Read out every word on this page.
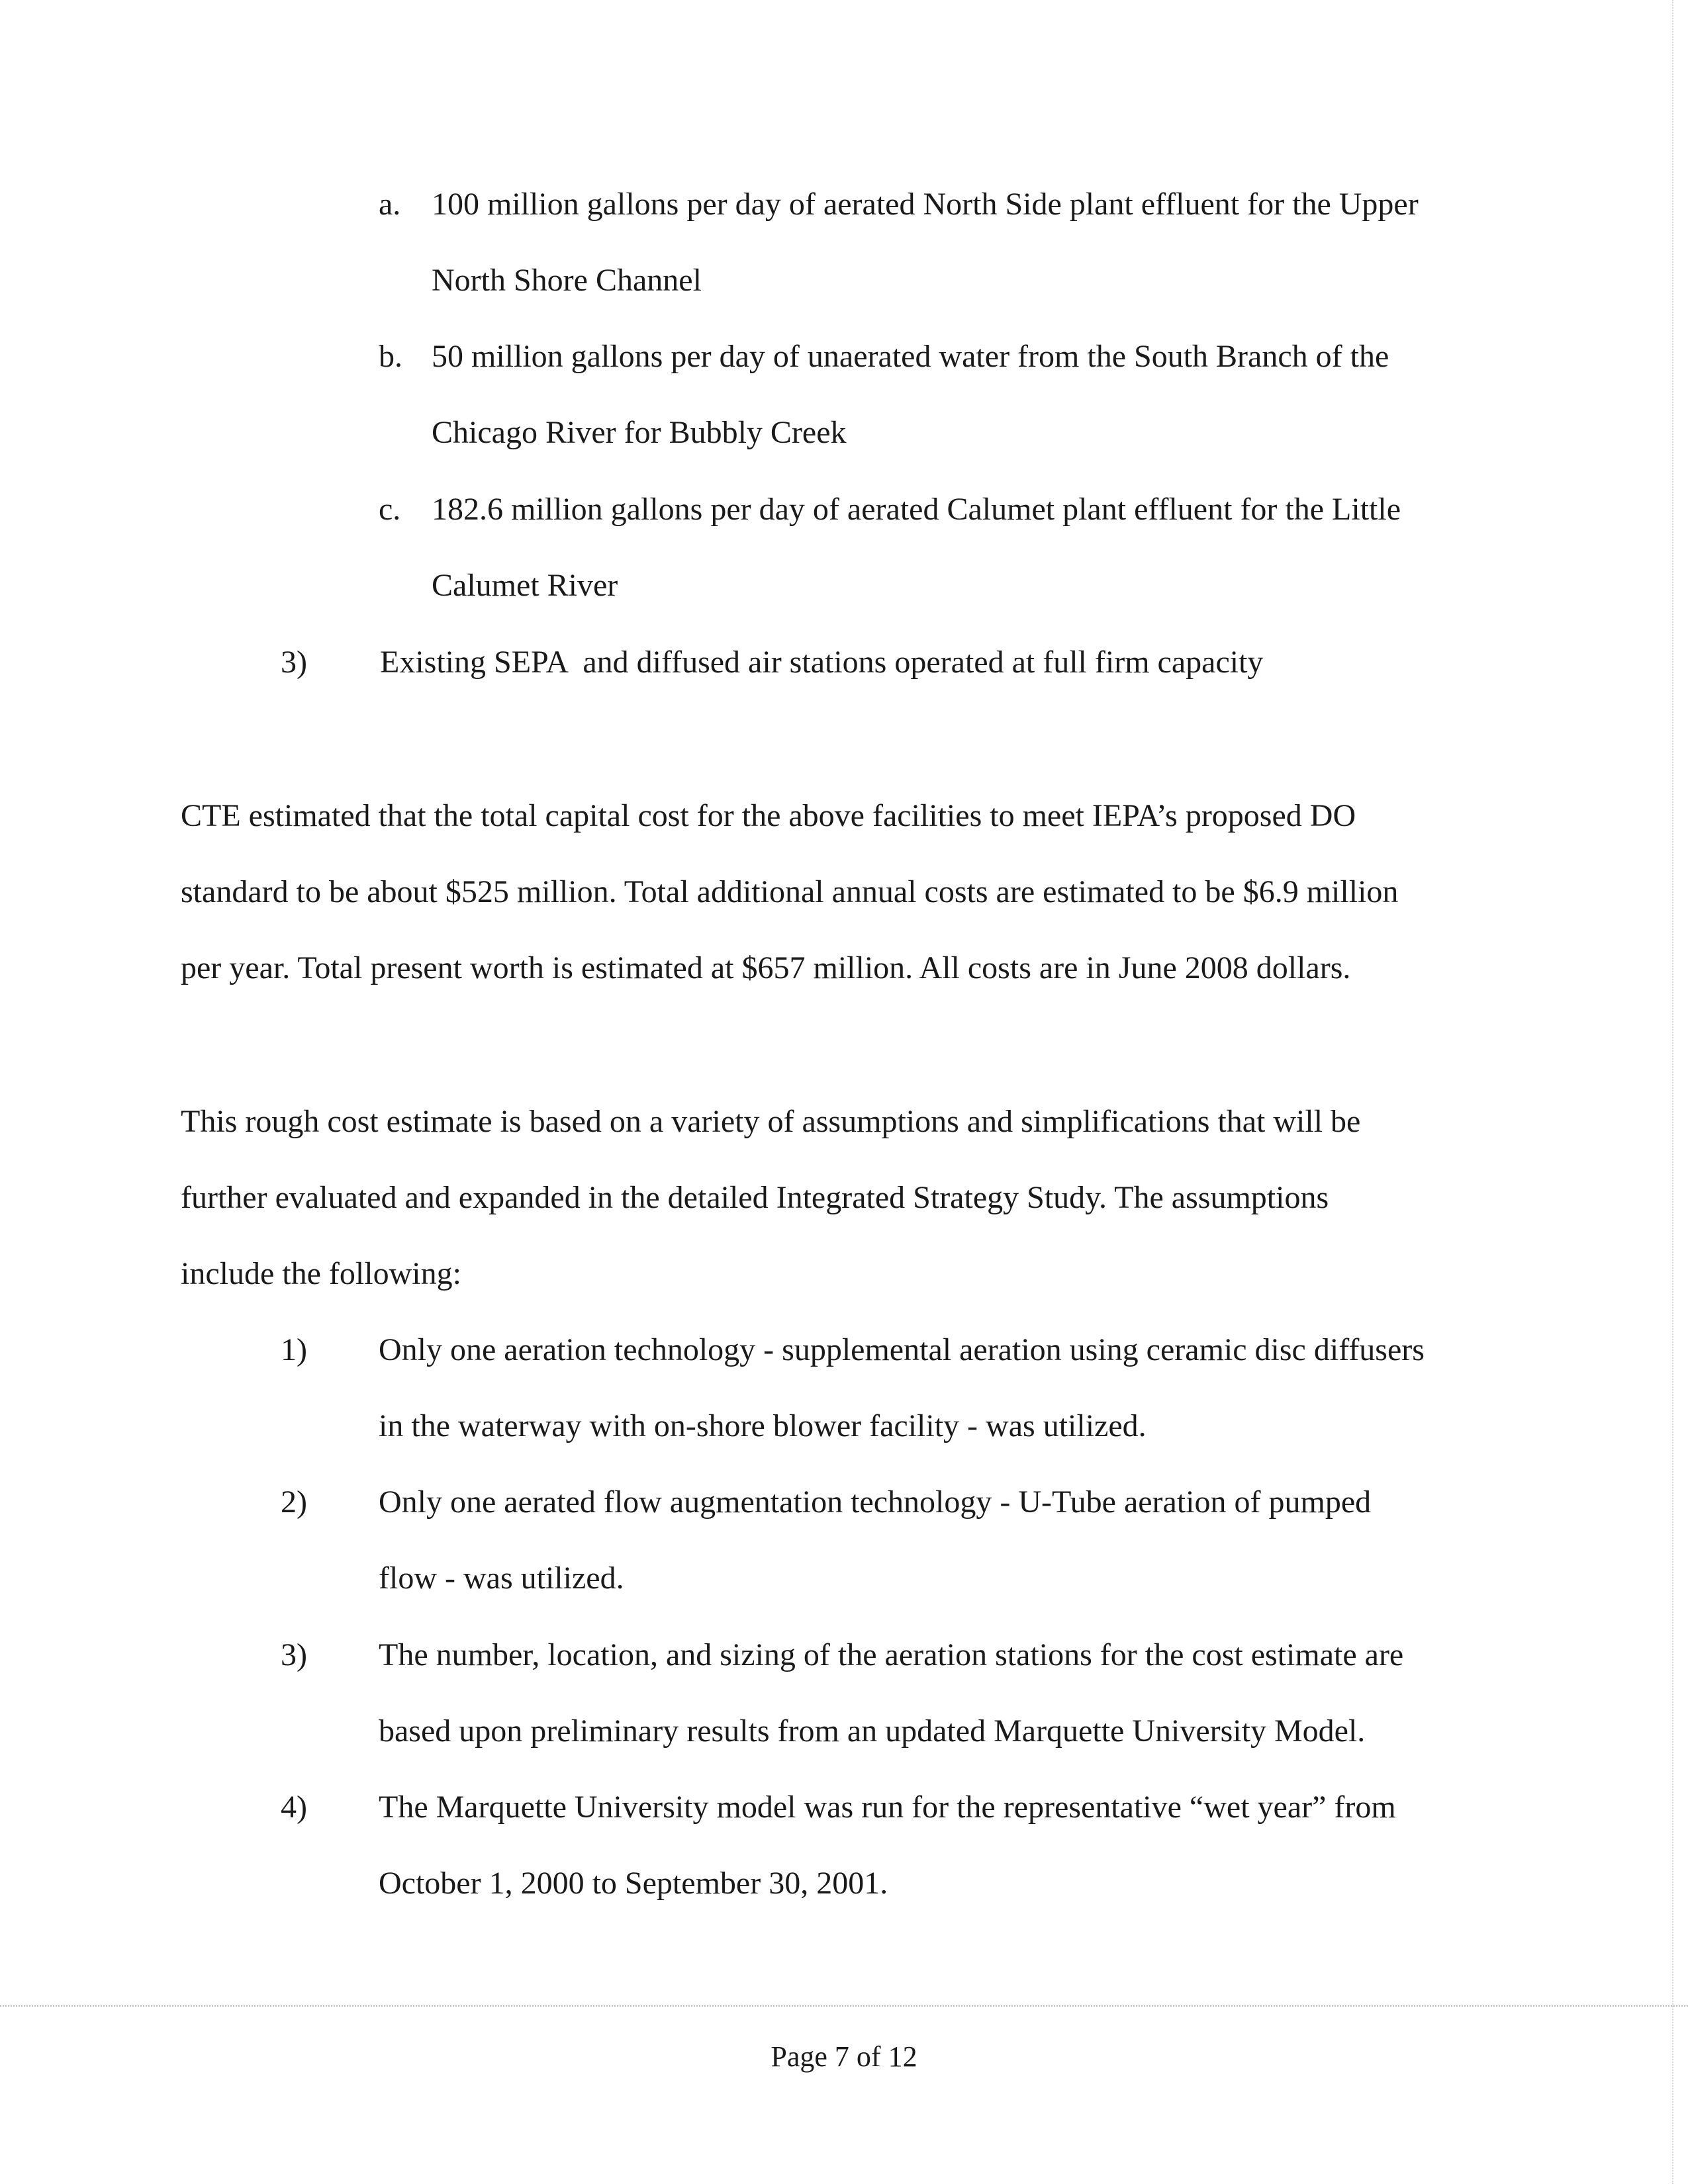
a. 100 million gallons per day of aerated North Side plant effluent for the Upper
North Shore Channel
b. 50 million gallons per day of unaerated water from the South Branch of the
Chicago River for Bubbly Creek
c. 182.6 million gallons per day of aerated Calumet plant effluent for the Little
Calumet River
3) Existing SEPA  and diffused air stations operated at full firm capacity
CTE estimated that the total capital cost for the above facilities to meet IEPA’s proposed DO
standard to be about $525 million. Total additional annual costs are estimated to be $6.9 million
per year. Total present worth is estimated at $657 million. All costs are in June 2008 dollars.
This rough cost estimate is based on a variety of assumptions and simplifications that will be
further evaluated and expanded in the detailed Integrated Strategy Study. The assumptions
include the following:
1) Only one aeration technology - supplemental aeration using ceramic disc diffusers
in the waterway with on-shore blower facility - was utilized.
2) Only one aerated flow augmentation technology - U-Tube aeration of pumped
flow - was utilized.
3) The number, location, and sizing of the aeration stations for the cost estimate are
based upon preliminary results from an updated Marquette University Model.
4) The Marquette University model was run for the representative “wet year” from
October 1, 2000 to September 30, 2001.
Page 7 of 12
